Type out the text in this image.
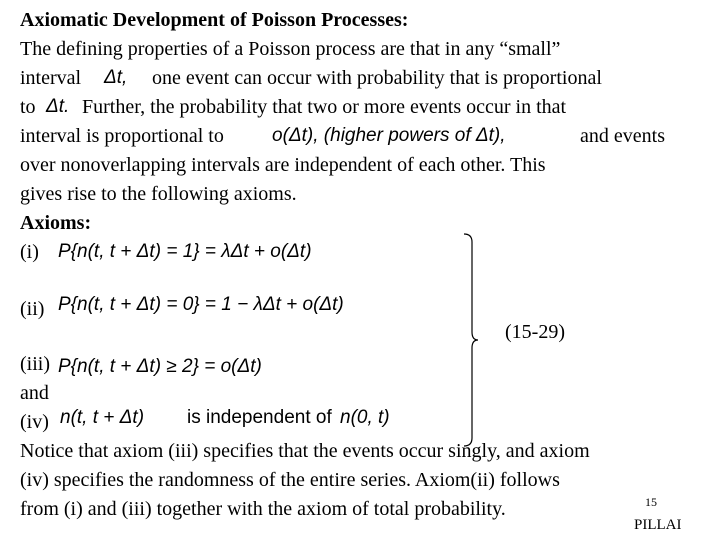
Axiomatic Development of Poisson Processes:
The defining properties of a Poisson process are that in any “small”
interval Δt, one event can occur with probability that is proportional
to Δt. Further, the probability that two or more events occur in that
interval is proportional to	o(Δt), (higher powers of Δt),	and events
over nonoverlapping intervals are independent of each other. This
gives rise to the following axioms.
Axioms:
(i) P{n(t, t + Δt) = 1} = λΔt + o(Δt)
(ii) P{n(t, t + Δt) = 0} = 1 − λΔt + o(Δt)
(15-29)
(iii) P{n(t, t + Δt) ≥ 2} = o(Δt)
and
(iv) n(t, t + Δt) is independent of n(0, t)
Notice that axiom (iii) specifies that the events occur singly, and axiom
(iv) specifies the randomness of the entire series. Axiom(ii) follows
from (i) and (iii) together with the axiom of total probability.	15
PILLAI
